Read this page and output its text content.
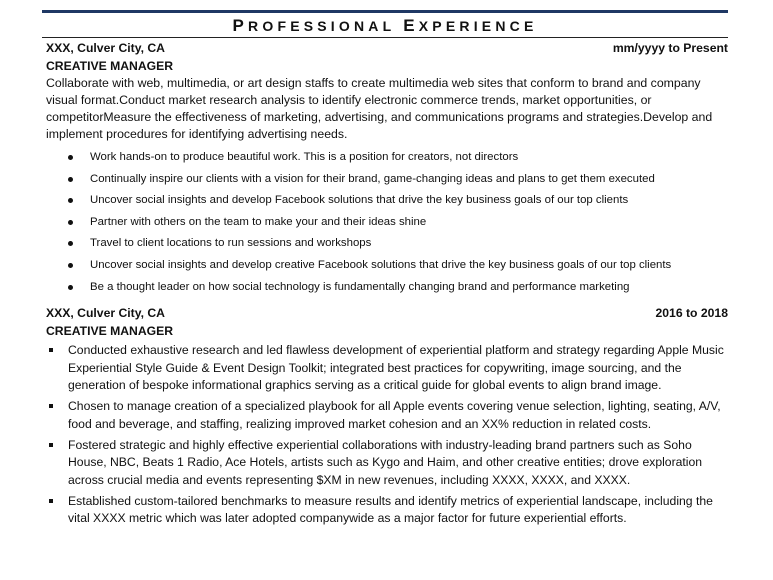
PROFESSIONAL EXPERIENCE
XXX, Culver City, CA	mm/yyyy to Present
CREATIVE MANAGER

Collaborate with web, multimedia, or art design staffs to create multimedia web sites that conform to brand and company visual format.Conduct market research analysis to identify electronic commerce trends, market opportunities, or competitorMeasure the effectiveness of marketing, advertising, and communications programs and strategies.Develop and implement procedures for identifying advertising needs.

Work hands-on to produce beautiful work. This is a position for creators, not directors
Continually inspire our clients with a vision for their brand, game-changing ideas and plans to get them executed
Uncover social insights and develop Facebook solutions that drive the key business goals of our top clients
Partner with others on the team to make your and their ideas shine
Travel to client locations to run sessions and workshops
Uncover social insights and develop creative Facebook solutions that drive the key business goals of our top clients
Be a thought leader on how social technology is fundamentally changing brand and performance marketing
XXX, Culver City, CA	2016 to 2018
CREATIVE MANAGER
Conducted exhaustive research and led flawless development of experiential platform and strategy regarding Apple Music Experiential Style Guide & Event Design Toolkit; integrated best practices for copywriting, image sourcing, and the generation of bespoke informational graphics serving as a critical guide for global events to align brand image.
Chosen to manage creation of a specialized playbook for all Apple events covering venue selection, lighting, seating, A/V, food and beverage, and staffing, realizing improved market cohesion and an XX% reduction in related costs.
Fostered strategic and highly effective experiential collaborations with industry-leading brand partners such as Soho House, NBC, Beats 1 Radio, Ace Hotels, artists such as Kygo and Haim, and other creative entities; drove exploration across crucial media and events representing $XM in new revenues, including XXXX, XXXX, and XXXX.
Established custom-tailored benchmarks to measure results and identify metrics of experiential landscape, including the vital XXXX metric which was later adopted companywide as a major factor for future experiential efforts.
